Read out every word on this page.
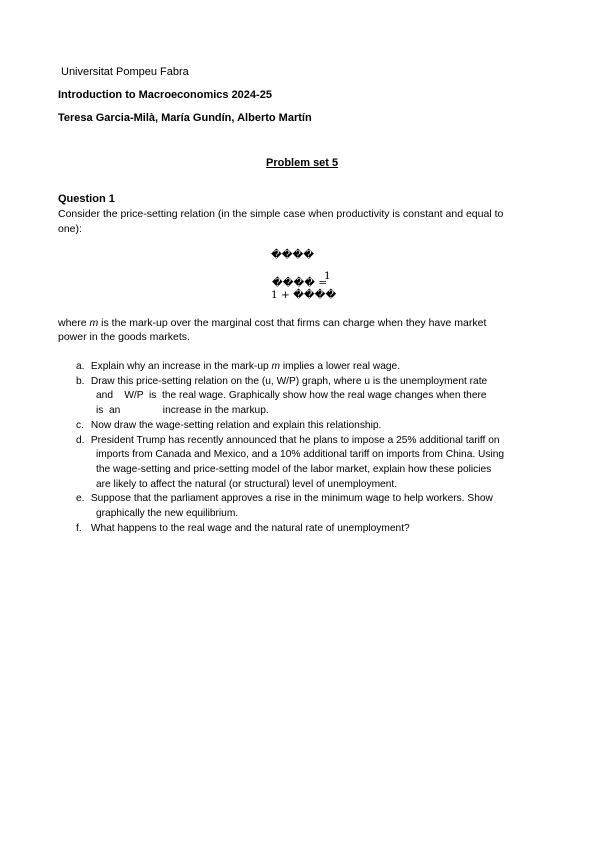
Universitat Pompeu Fabra
Introduction to Macroeconomics 2024-25
Teresa Garcia-Milà, María Gundín, Alberto Martín
Problem set 5
Question 1
Consider the price-setting relation (in the simple case when productivity is constant and equal to
one):
����
���� =
1
1 + ����
where m is the mark-up over the marginal cost that firms can charge when they have market
power in the goods markets.
a. Explain why an increase in the mark-up m implies a lower real wage.
b. Draw this price-setting relation on the (u, W/P) graph, where u is the unemployment rate
and    W/P  is  the real wage. Graphically show how the real wage changes when there
is  an               increase in the markup.
c. Now draw the wage-setting relation and explain this relationship.
d. President Trump has recently announced that he plans to impose a 25% additional tariff on
imports from Canada and Mexico, and a 10% additional tariff on imports from China. Using
the wage-setting and price-setting model of the labor market, explain how these policies
are likely to affect the natural (or structural) level of unemployment.
e. Suppose that the parliament approves a rise in the minimum wage to help workers. Show
graphically the new equilibrium.
f. What happens to the real wage and the natural rate of unemployment?
